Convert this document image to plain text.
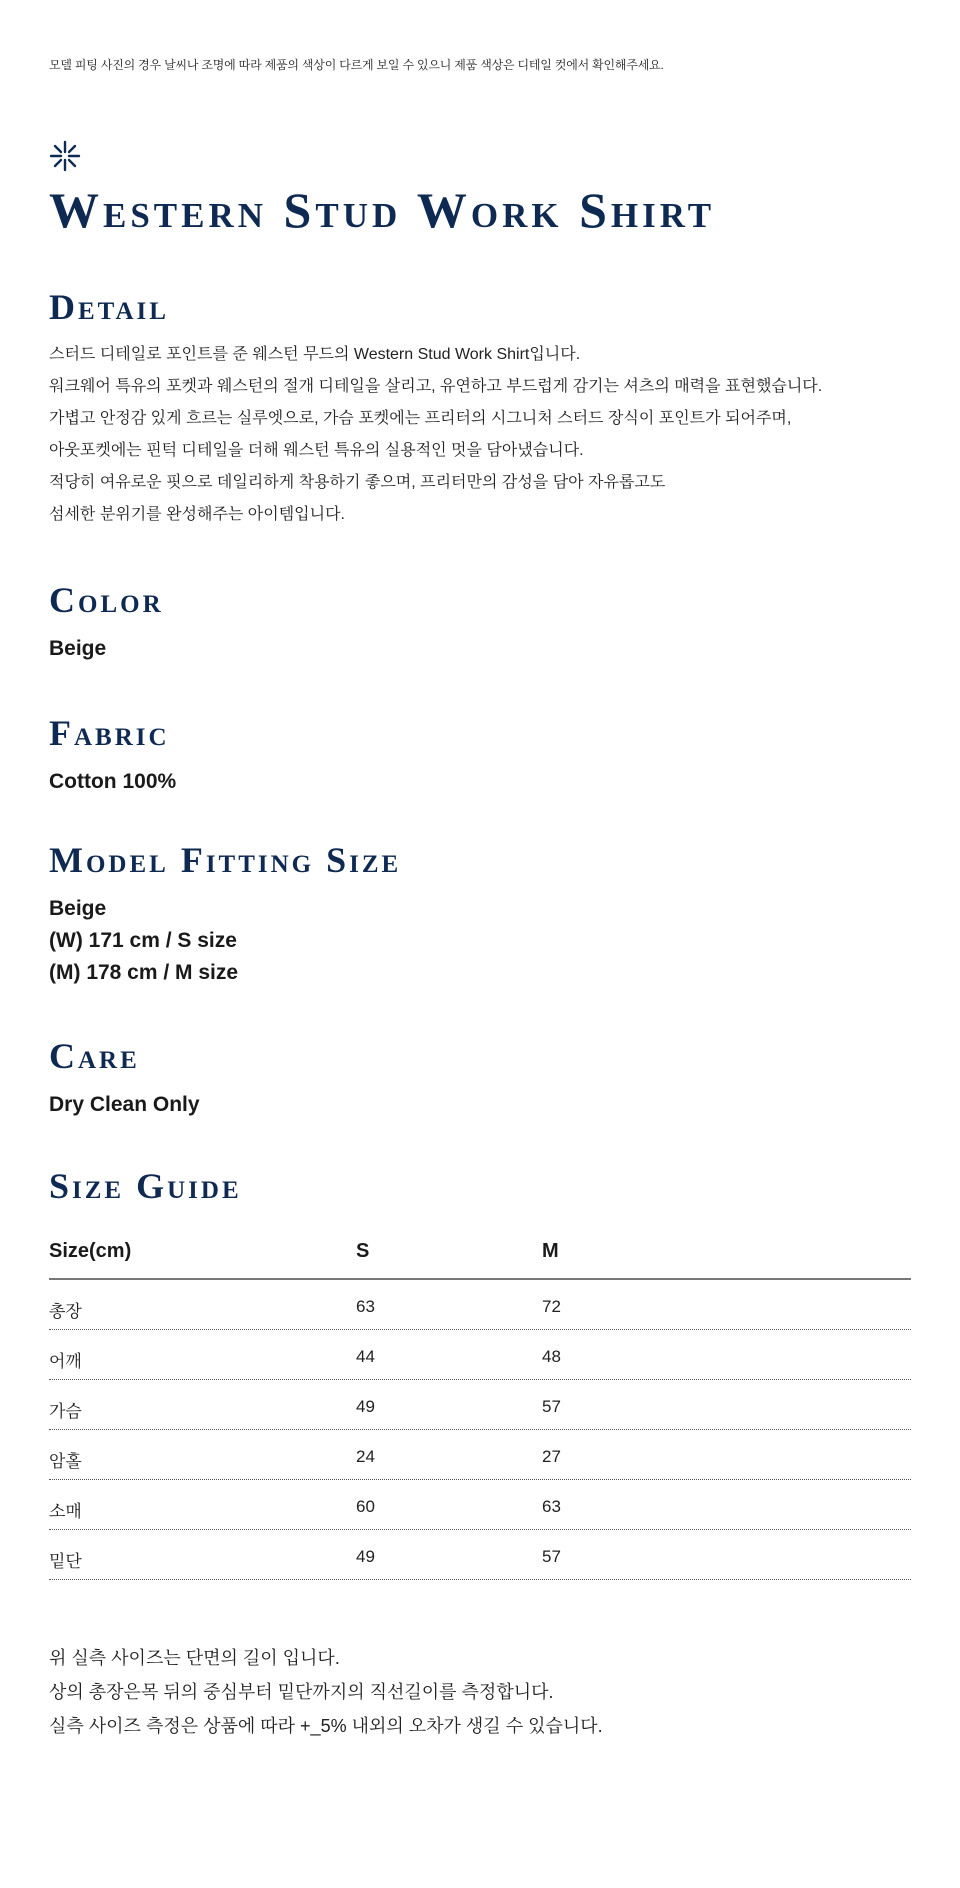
모델 피팅 사진의 경우 날씨나 조명에 따라 제품의 색상이 다르게 보일 수 있으니 제품 색상은 디테일 컷에서 확인해주세요.
Western Stud Work Shirt
Detail
스터드 디테일로 포인트를 준 웨스턴 무드의 Western Stud Work Shirt입니다.
워크웨어 특유의 포켓과 웨스턴의 절개 디테일을 살리고, 유연하고 부드럽게 감기는 셔츠의 매력을 표현했습니다.
가볍고 안정감 있게 흐르는 실루엣으로, 가슴 포켓에는 프리터의 시그니처 스터드 장식이 포인트가 되어주며,
아웃포켓에는 핀턱 디테일을 더해 웨스턴 특유의 실용적인 멋을 담아냈습니다.
적당히 여유로운 핏으로 데일리하게 착용하기 좋으며, 프리터만의 감성을 담아 자유롭고도
섬세한 분위기를 완성해주는 아이템입니다.
Color
Beige
Fabric
Cotton 100%
Model Fitting Size
Beige
(W) 171 cm / S size
(M) 178 cm / M size
Care
Dry Clean Only
Size Guide
Size(cm)	S	M
총장	63	72
어깨	44	48
가슴	49	57
암홀	24	27
소매	60	63
밑단	49	57
위 실측 사이즈는 단면의 길이 입니다.
상의 총장은목 뒤의 중심부터 밑단까지의 직선길이를 측정합니다.
실측 사이즈 측정은 상품에 따라 +_5% 내외의 오차가 생길 수 있습니다.
